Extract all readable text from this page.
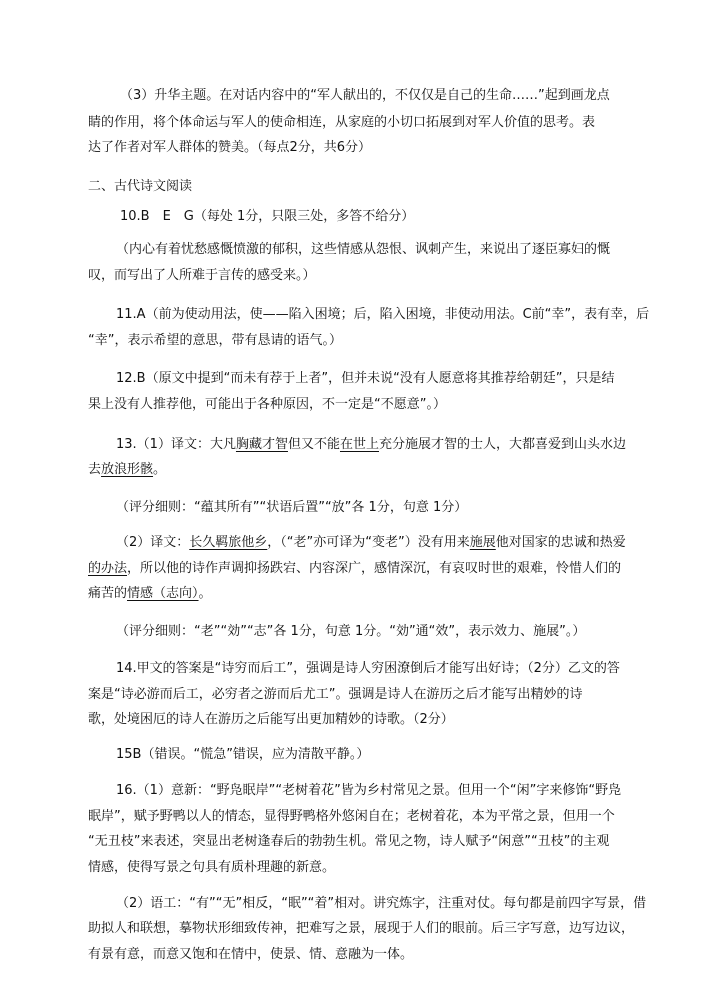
（3）升华主题。在对话内容中的“军人献出的，不仅仅是自己的生命……”起到画龙点
睛的作用，将个体命运与军人的使命相连，从家庭的小切口拓展到对军人价值的思考。表
达了作者对军人群体的赞美。（每点2分，共6分）
二、古代诗文阅读
10.B　E　G（每处 1分，只限三处，多答不给分）
（内心有着忧愁感慨愤激的郁积，这些情感从怨恨、讽刺产生，来说出了逐臣寡妇的慨
叹，而写出了人所难于言传的感受来。）
11.A（前为使动用法，使——陷入困境；后，陷入困境，非使动用法。C前“幸”，表有幸，后
“幸”，表示希望的意思，带有恳请的语气。）
12.B（原文中提到“而未有荐于上者”，但并未说“没有人愿意将其推荐给朝廷”，只是结
果上没有人推荐他，可能出于各种原因，不一定是“不愿意”。）
13.（1）译文：大凡胸藏才智但又不能在世上充分施展才智的士人，大都喜爱到山头水边
去放浪形骸。
（评分细则：“蕴其所有”“状语后置”“放”各 1分，句意 1分）
（2）译文：长久羁旅他乡，（“老”亦可译为“变老”）没有用来施展他对国家的忠诚和热爱
的办法，所以他的诗作声调抑扬跌宕、内容深广，感情深沉，有哀叹时世的艰难，怜惜人们的
痛苦的情感（志向）。
（评分细则：“老”“効”“志”各 1分，句意 1分。“効”通“效”，表示效力、施展”。）
14.甲文的答案是“诗穷而后工”，强调是诗人穷困潦倒后才能写出好诗；（2分）乙文的答
案是“诗必游而后工，必穷者之游而后尤工”。强调是诗人在游历之后才能写出精妙的诗
歌，处境困厄的诗人在游历之后能写出更加精妙的诗歌。（2分）
15B（错误。“慌急”错误，应为清散平静。）
16.（1）意新：“野凫眠岸”“老树着花”皆为乡村常见之景。但用一个“闲”字来修饰“野凫
眠岸”，赋予野鸭以人的情态，显得野鸭格外悠闲自在；老树着花，本为平常之景，但用一个
“无丑枝”来表述，突显出老树逢春后的勃勃生机。常见之物，诗人赋予“闲意”“丑枝”的主观
情感，使得写景之句具有质朴理趣的新意。
（2）语工：“有”“无”相反，“眠”“着”相对。讲究炼字，注重对仗。每句都是前四字写景，借
助拟人和联想，摹物状形细致传神，把难写之景，展现于人们的眼前。后三字写意，边写边议，
有景有意，而意又饱和在情中，使景、情、意融为一体。
